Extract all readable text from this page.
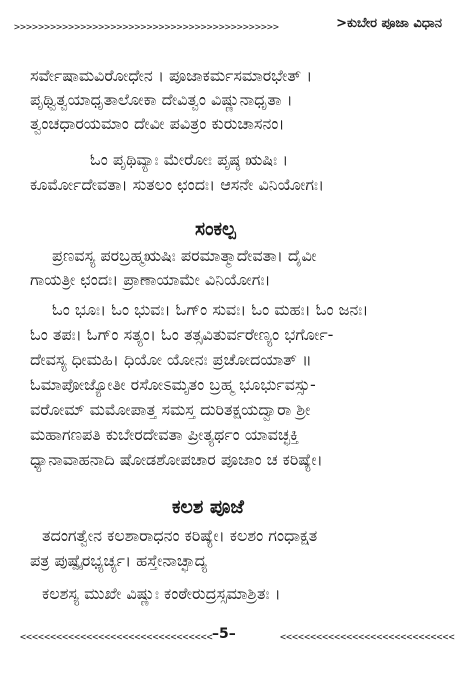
>>>>>>>>>>>>>>>>>>>>>>>>>>>>>>>>>>>>>>>>>>>>	>ಕುಬೇರ ಪೂಜಾ ವಿಧಾನ
ಸರ್ವೇಷಾಮವಿರೋಧೇನ । ಪೂಜಾಕರ್ಮಸಮಾರಭೇತ್ ।
ಪೃಥ್ವಿತ್ವಯಾಧೃತಾಲೋಕಾ ದೇವಿತ್ವಂ ವಿಷ್ಣುನಾಧೃತಾ ।
ತ್ವಂಚಧಾರಯಮಾಂ ದೇವೀ ಪವಿತ್ರಂ ಕುರುಚಾಸನಂ।
ಓಂ ಪೃಥಿವ್ಯಾಃ ಮೇರೋಃ ಪೃಷ್ಠ ಋಷಿಃ ।
ಕೂರ್ಮೋದೇವತಾ। ಸುತಲಂ ಛಂದಃ। ಆಸನೇ ವಿನಿಯೋಗಃ।
ಸಂಕಲ್ಪ
ಪ್ರಣವಸ್ಯ ಪರಬ್ರಹ್ಮಋಷಿಃ ಪರಮಾತ್ಮಾದೇವತಾ। ದೈವೀ
ಗಾಯತ್ರೀ ಛಂದಃ। ಪ್ರಾಣಾಯಾಮೇ ವಿನಿಯೋಗಃ।
ಓಂ ಭೂಃ। ಓಂ ಭುವಃ। ಓಗ್ಂ ಸುವಃ। ಓಂ ಮಹಃ। ಓಂ ಜನಃ।
ಓಂ ತಪಃ। ಓಗ್ಂ ಸತ್ಯಂ। ಓಂ ತತ್ಸವಿತುರ್ವರೇಣ್ಯಂ ಭರ್ಗೋ-
ದೇವಸ್ಯ ಧೀಮಹಿ। ಧಿಯೋ ಯೋನಃ ಪ್ರಚೋದಯಾತ್ ॥
ಓಮಾಪೋಜ್ಯೋತೀ ರಸೋಽಮೃತಂ ಬ್ರಹ್ಮ ಭೂರ್ಭುವಸ್ಸು-
ವರೋಮ್ ಮಮೋಪಾತ್ತ ಸಮಸ್ತ ದುರಿತಕ್ಷಯದ್ವಾರಾ ಶ್ರೀ
ಮಹಾಗಣಪತಿ ಕುಬೇರದೇವತಾ ಪ್ರೀತ್ಯರ್ಥಂ ಯಾವಚ್ಛಕ್ತಿ
ಧ್ಯಾನಾವಾಹನಾದಿ ಷೋಡಶೋಪಚಾರ ಪೂಜಾಂ ಚ ಕರಿಷ್ಯೇ।
ಕಲಶ ಪೂಜೆ
ತದಂಗತ್ವೇನ ಕಲಶಾರಾಧನಂ ಕರಿಷ್ಯೇ। ಕಲಶಂ ಗಂಧಾಕ್ಷತ
ಪತ್ರ ಪುಷ್ಪೈರಭ್ಯರ್ಚ್ಯ। ಹಸ್ತೇನಾಚ್ಛಾದ್ಯ
ಕಲಶಸ್ಯ ಮುಖೇ ವಿಷ್ಣುಃ ಕಂಠೇರುದ್ರಸ್ಸಮಾಶ್ರಿತಃ ।
<<<<<<<<<<<<<<<<<<<<<<<<<<<<<<<< –5–	<<<<<<<<<<<<<<<<<<<<<<<<<<<<<
